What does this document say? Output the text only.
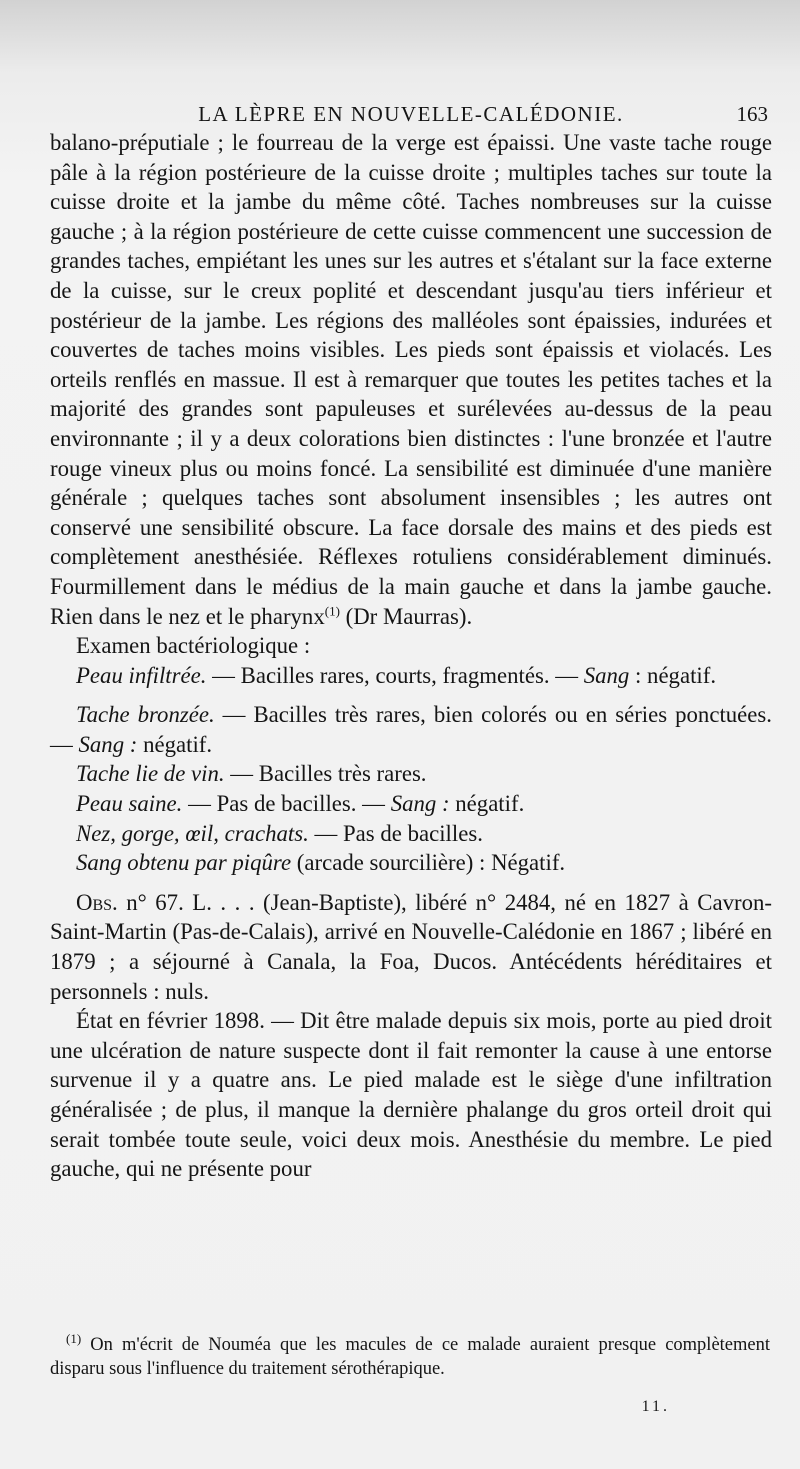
LA LÈPRE EN NOUVELLE-CALÉDONIE.	163

balano-préputiale ; le fourreau de la verge est épaissi. Une vaste tache rouge pâle à la région postérieure de la cuisse droite ; multiples taches sur toute la cuisse droite et la jambe du même côté. Taches nombreuses sur la cuisse gauche ; à la région postérieure de cette cuisse commencent une succession de grandes taches, empiétant les unes sur les autres et s'étalant sur la face externe de la cuisse, sur le creux poplité et descendant jusqu'au tiers inférieur et postérieur de la jambe. Les régions des malléoles sont épaissies, indurées et couvertes de taches moins visibles. Les pieds sont épaissis et violacés. Les orteils renflés en massue. Il est à remarquer que toutes les petites taches et la majorité des grandes sont papuleuses et surélevées au-dessus de la peau environnante ; il y a deux colorations bien distinctes : l'une bronzée et l'autre rouge vineux plus ou moins foncé. La sensibilité est diminuée d'une manière générale ; quelques taches sont absolument insensibles ; les autres ont conservé une sensibilité obscure. La face dorsale des mains et des pieds est complètement anesthésiée. Réflexes rotuliens considérablement diminués. Fourmillement dans le médius de la main gauche et dans la jambe gauche. Rien dans le nez et le pharynx$^{(1)}$ (Dr Maurras).

Examen bactériologique :

Peau infiltrée. — Bacilles rares, courts, fragmentés. — Sang : négatif.

Tache bronzée. — Bacilles très rares, bien colorés ou en séries ponctuées. — Sang : négatif.

Tache lie de vin. — Bacilles très rares.

Peau saine. — Pas de bacilles. — Sang : négatif.

Nez, gorge, œil, crachats. — Pas de bacilles.

Sang obtenu par piqûre (arcade sourcilière) : Négatif.

Obs. n° 67. L. . . . (Jean-Baptiste), libéré n° 2484, né en 1827 à Cavron-Saint-Martin (Pas-de-Calais), arrivé en Nouvelle-Calédonie en 1867 ; libéré en 1879 ; a séjourné à Canala, la Foa, Ducos. Antécédents héréditaires et personnels : nuls.

État en février 1898. — Dit être malade depuis six mois, porte au pied droit une ulcération de nature suspecte dont il fait remonter la cause à une entorse survenue il y a quatre ans. Le pied malade est le siège d'une infiltration généralisée ; de plus, il manque la dernière phalange du gros orteil droit qui serait tombée toute seule, voici deux mois. Anesthésie du membre. Le pied gauche, qui ne présente pour

$^{(1)}$ On m'écrit de Nouméa que les macules de ce malade auraient presque complètement disparu sous l'influence du traitement sérothérapique.

11.
